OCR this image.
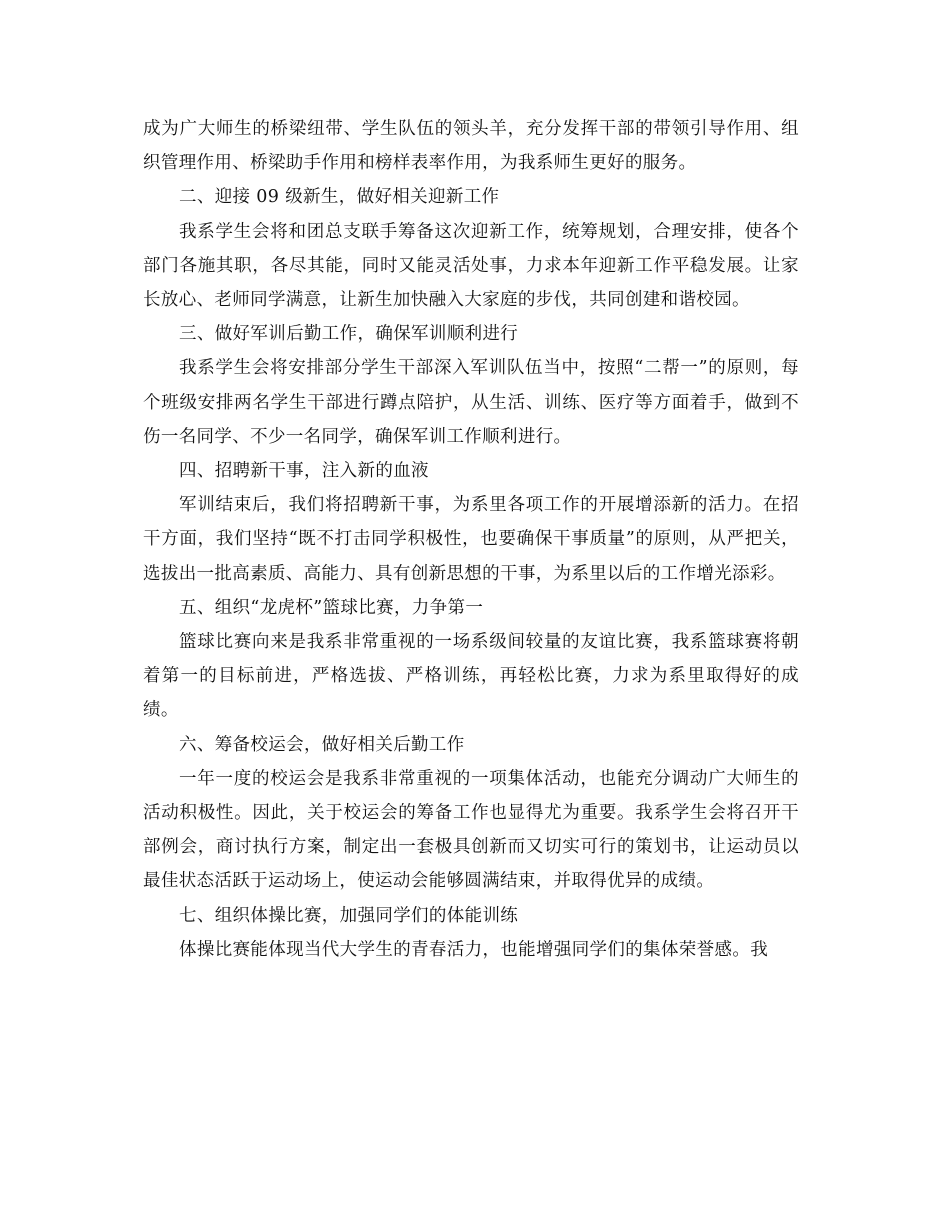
成为广大师生的桥梁纽带、学生队伍的领头羊，充分发挥干部的带领引导作用、组织管理作用、桥梁助手作用和榜样表率作用，为我系师生更好的服务。

二、迎接 09 级新生，做好相关迎新工作

我系学生会将和团总支联手筹备这次迎新工作，统筹规划，合理安排，使各个部门各施其职，各尽其能，同时又能灵活处事，力求本年迎新工作平稳发展。让家长放心、老师同学满意，让新生加快融入大家庭的步伐，共同创建和谐校园。

三、做好军训后勤工作，确保军训顺利进行

我系学生会将安排部分学生干部深入军训队伍当中，按照“二帮一”的原则，每个班级安排两名学生干部进行蹲点陪护，从生活、训练、医疗等方面着手，做到不伤一名同学、不少一名同学，确保军训工作顺利进行。

四、招聘新干事，注入新的血液

军训结束后，我们将招聘新干事，为系里各项工作的开展增添新的活力。在招干方面，我们坚持“既不打击同学积极性，也要确保干事质量”的原则，从严把关，选拔出一批高素质、高能力、具有创新思想的干事，为系里以后的工作增光添彩。

五、组织“龙虎杯”篮球比赛，力争第一

篮球比赛向来是我系非常重视的一场系级间较量的友谊比赛，我系篮球赛将朝着第一的目标前进，严格选拔、严格训练，再轻松比赛，力求为系里取得好的成绩。

六、筹备校运会，做好相关后勤工作

一年一度的校运会是我系非常重视的一项集体活动，也能充分调动广大师生的活动积极性。因此，关于校运会的筹备工作也显得尤为重要。我系学生会将召开干部例会，商讨执行方案，制定出一套极具创新而又切实可行的策划书，让运动员以最佳状态活跃于运动场上，使运动会能够圆满结束，并取得优异的成绩。

七、组织体操比赛，加强同学们的体能训练

体操比赛能体现当代大学生的青春活力，也能增强同学们的集体荣誉感。我
